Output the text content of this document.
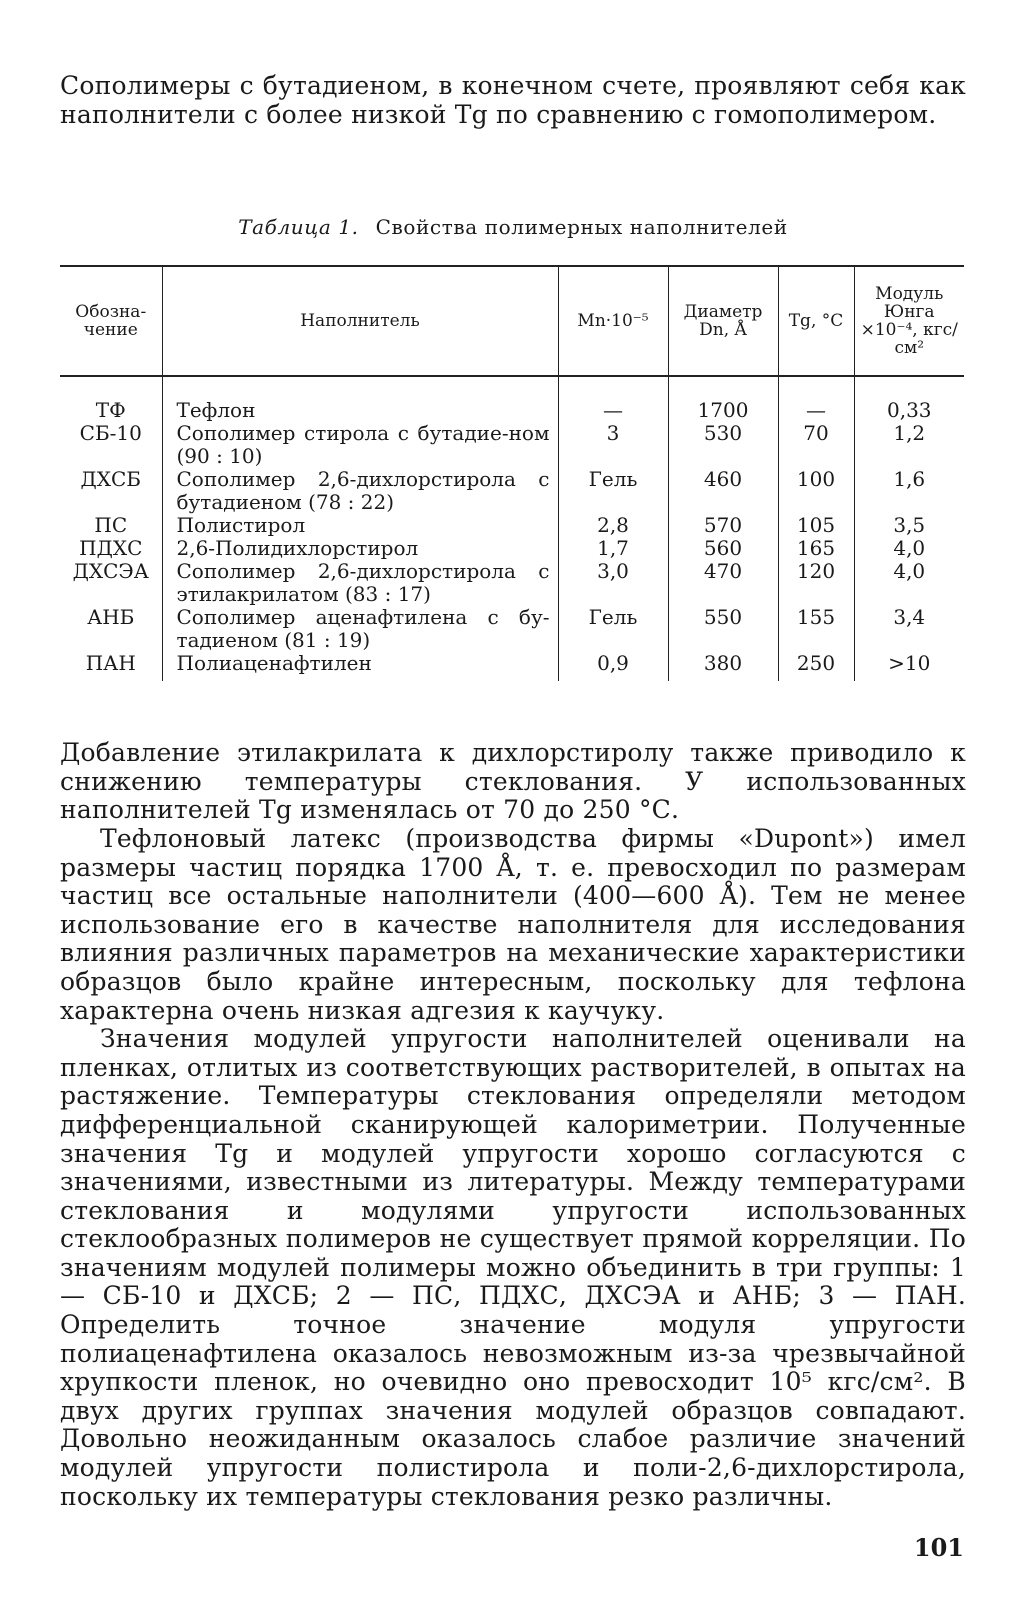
Сополимеры с бутадиеном, в конечном счете, проявляют себя как наполнители с более низкой Tg по сравнению с гомополимером.

Таблица 1. Свойства полимерных наполнителей
Обозна-чение	Наполнитель	Mn·10⁻⁵	Диаметр Dn, Å	Tg, °C	Модуль Юнга ×10⁻⁴, кгс/см²
ТФ	Тефлон	—	1700	—	0,33
СБ-10	Сополимер стирола с бутадие-ном (90 : 10)	3	530	70	1,2
ДХСБ	Сополимер 2,6-дихлорстирола с бутадиеном (78 : 22)	Гель	460	100	1,6
ПС	Полистирол	2,8	570	105	3,5
ПДХС	2,6-Полидихлорстирол	1,7	560	165	4,0
ДХСЭА	Сополимер 2,6-дихлорстирола с этилакрилатом (83 : 17)	3,0	470	120	4,0
АНБ	Сополимер аценафтилена с бу-тадиеном (81 : 19)	Гель	550	155	3,4
ПАН	Полиаценафтилен	0,9	380	250	>10

Добавление этилакрилата к дихлорстиролу также приводило к снижению температуры стеклования. У использованных наполнителей Tg изменялась от 70 до 250 °С.

Тефлоновый латекс (производства фирмы «Dupont») имел размеры частиц порядка 1700 Å, т. е. превосходил по размерам частиц все остальные наполнители (400—600 Å). Тем не менее использование его в качестве наполнителя для исследования влияния различных параметров на механические характеристики образцов было крайне интересным, поскольку для тефлона характерна очень низкая адгезия к каучуку.

Значения модулей упругости наполнителей оценивали на пленках, отлитых из соответствующих растворителей, в опытах на растяжение. Температуры стеклования определяли методом дифференциальной сканирующей калориметрии. Полученные значения Tg и модулей упругости хорошо согласуются с значениями, известными из литературы. Между температурами стеклования и модулями упругости использованных стеклообразных полимеров не существует прямой корреляции. По значениям модулей полимеры можно объединить в три группы: 1 — СБ-10 и ДХСБ; 2 — ПС, ПДХС, ДХСЭА и АНБ; 3 — ПАН. Определить точное значение модуля упругости полиаценафтилена оказалось невозможным из-за чрезвычайной хрупкости пленок, но очевидно оно превосходит 10⁵ кгс/см². В двух других группах значения модулей образцов совпадают. Довольно неожиданным оказалось слабое различие значений модулей упругости полистирола и поли-2,6-дихлорстирола, поскольку их температуры стеклования резко различны.

101
